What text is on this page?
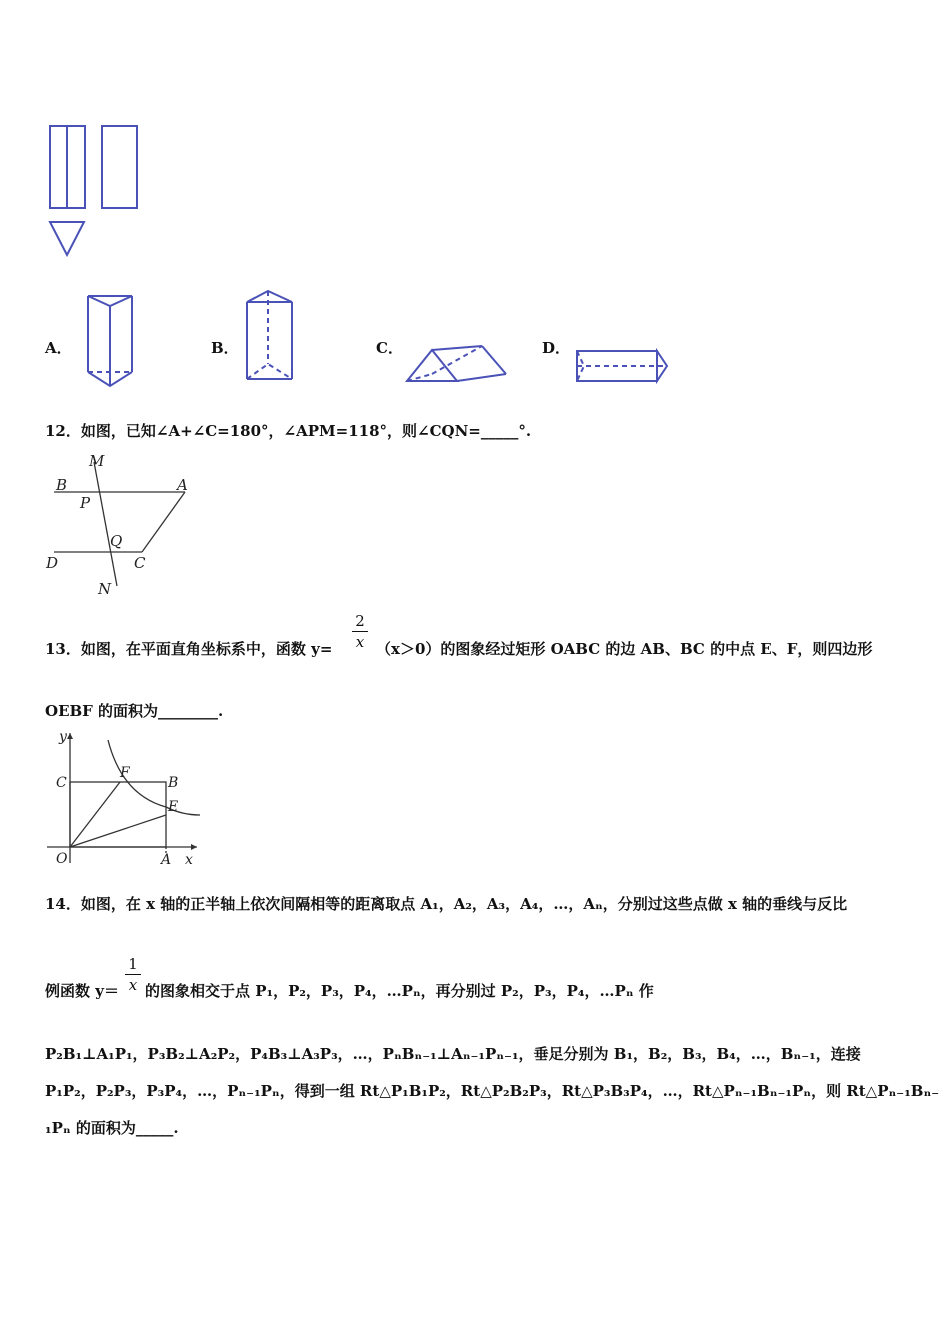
A．	B．	C．	D．
12．如图，已知∠A+∠C=180°，∠APM=118°，则∠CQN=_____°.
M
B	A
P
Q
D	C
N
13．如图，在平面直角坐标系中，函数 y=
2
x （x＞0）的图象经过矩形 OABC 的边 AB、BC 的中点 E、F，则四边形
OEBF 的面积为________.
y
C
F
B
E
O	A x
14．如图，在 x 轴的正半轴上依次间隔相等的距离取点 A₁，A₂，A₃，A₄，…，Aₙ，分别过这些点做 x 轴的垂线与反比
例函数 y＝
1
x 的图象相交于点 P₁，P₂，P₃，P₄，…Pₙ，再分别过 P₂，P₃，P₄，…Pₙ 作
P₂B₁⊥A₁P₁，P₃B₂⊥A₂P₂，P₄B₃⊥A₃P₃，…，PₙBₙ₋₁⊥Aₙ₋₁Pₙ₋₁，垂足分别为 B₁，B₂，B₃，B₄，…，Bₙ₋₁，连接
P₁P₂，P₂P₃，P₃P₄，…，Pₙ₋₁Pₙ，得到一组 Rt△P₁B₁P₂，Rt△P₂B₂P₃，Rt△P₃B₃P₄，…，Rt△Pₙ₋₁Bₙ₋₁Pₙ，则 Rt△Pₙ₋₁Bₙ₋
₁Pₙ 的面积为_____.
